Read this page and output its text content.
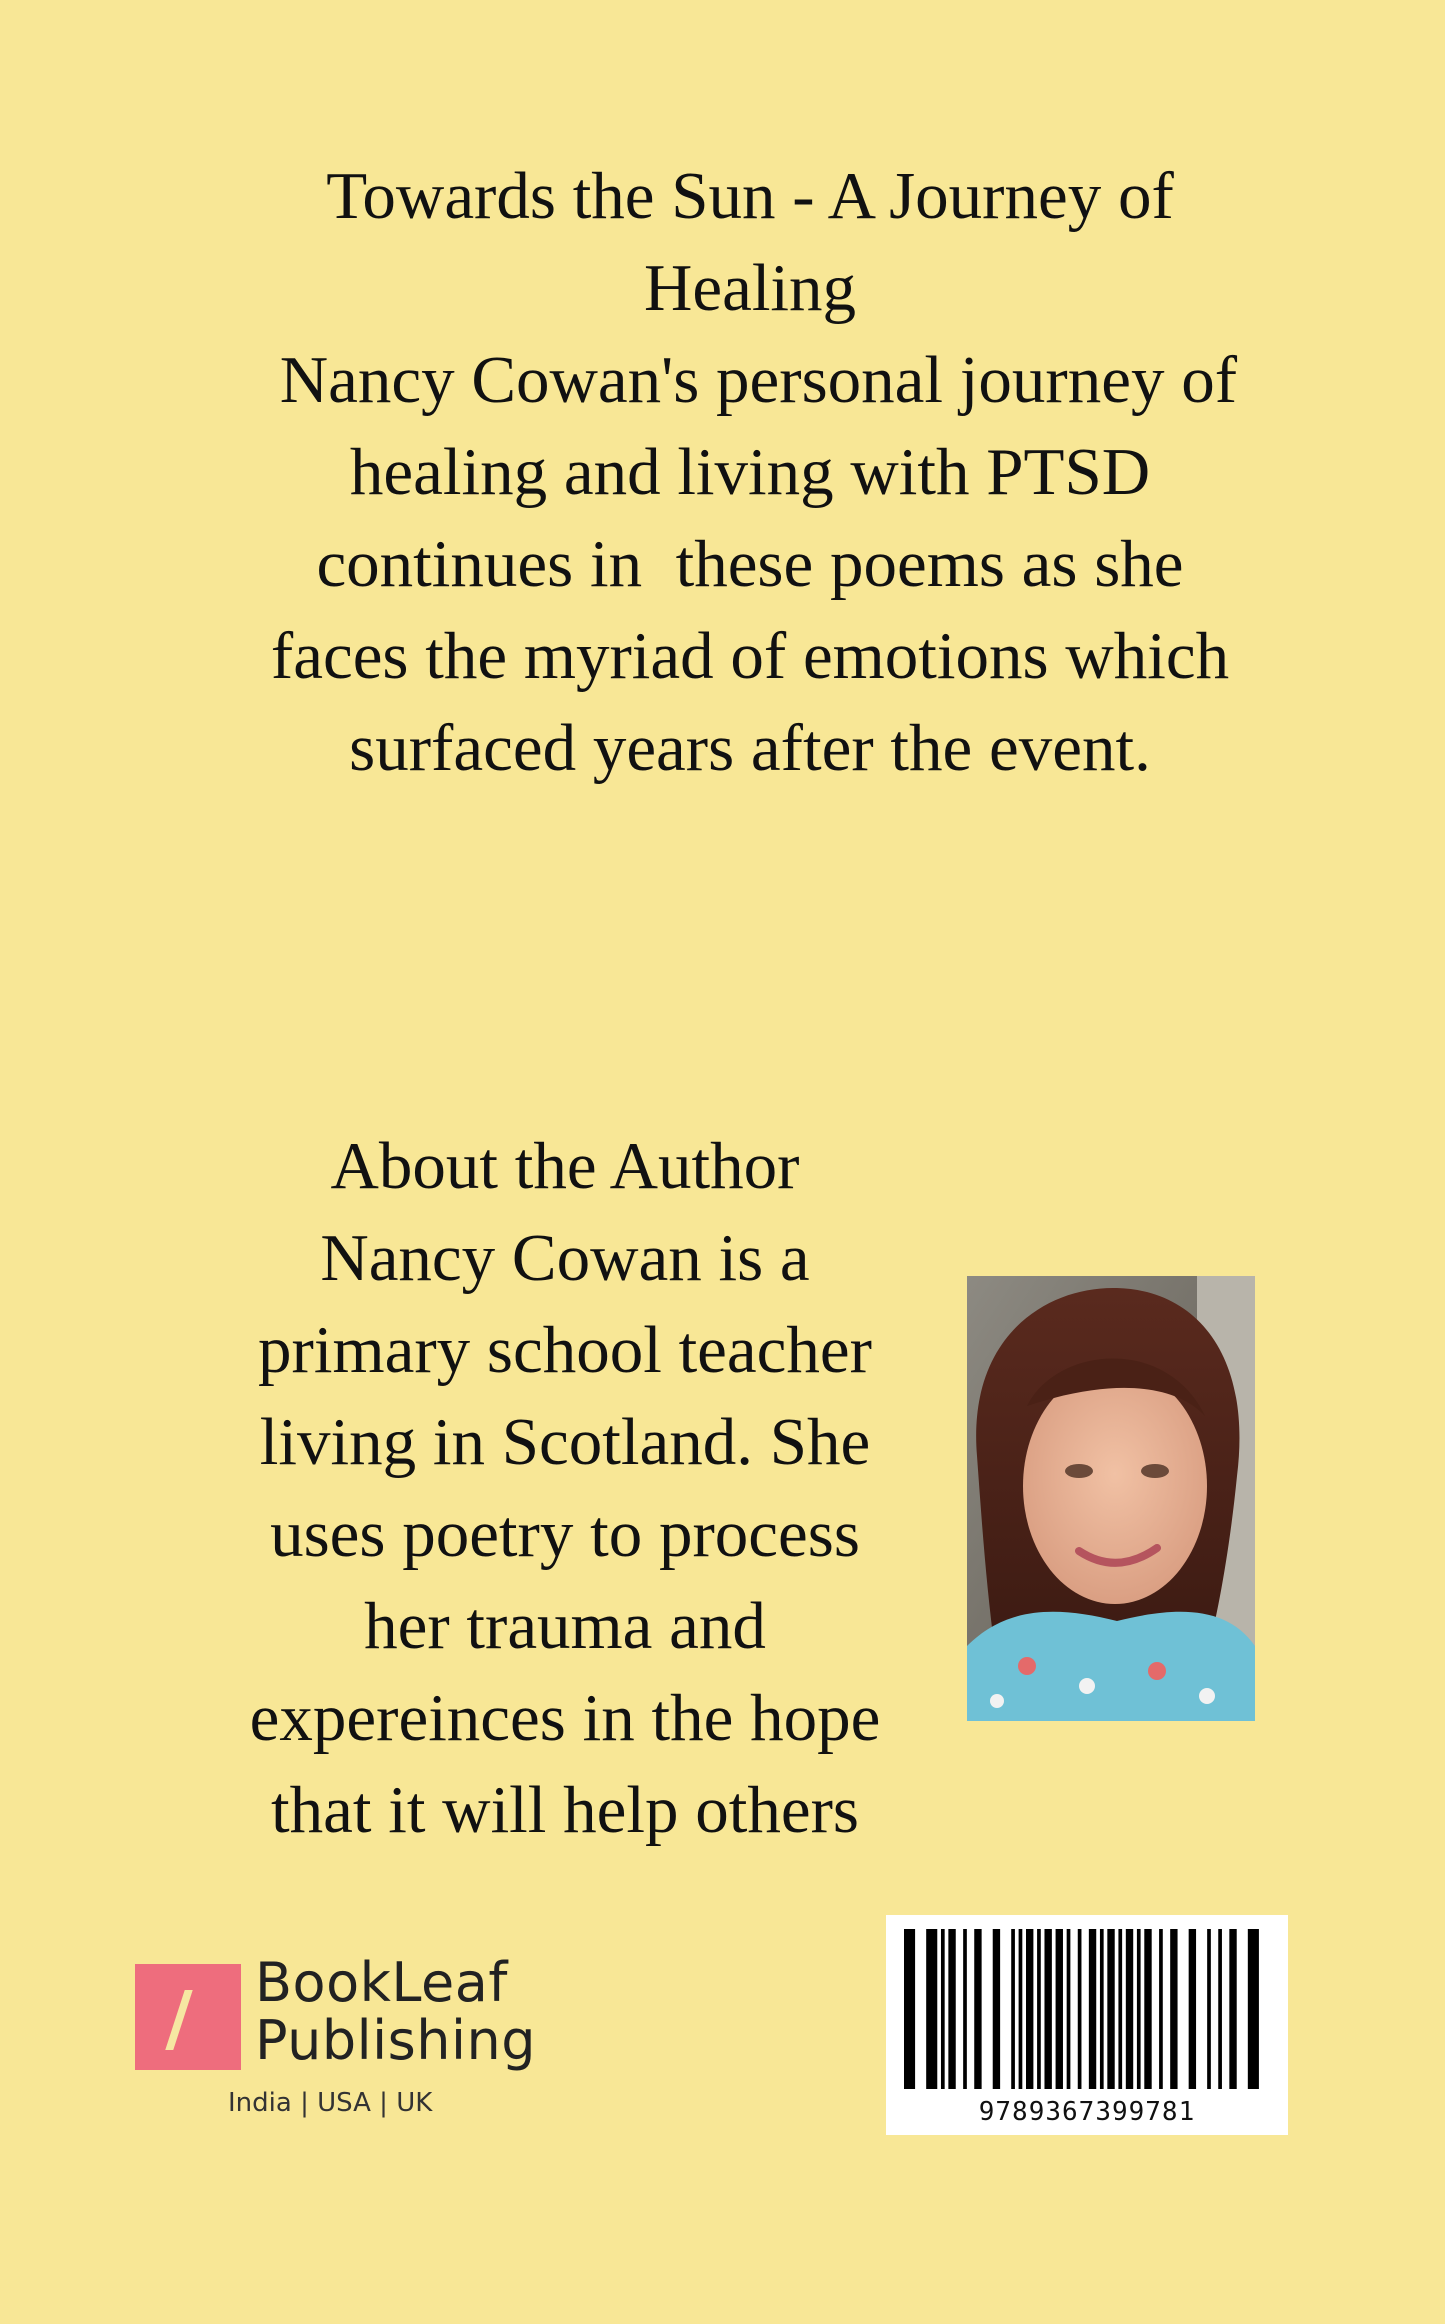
Towards the Sun - A Journey of
Healing
Nancy Cowan's personal journey of
healing and living with PTSD
continues in  these poems as she
faces the myriad of emotions which
surfaced years after the event.
About the Author
Nancy Cowan is a
primary school teacher
living in Scotland. She
uses poetry to process
her trauma and
expereinces in the hope
that it will help others
BookLeaf
Publishing
India | USA | UK	9789367399781
